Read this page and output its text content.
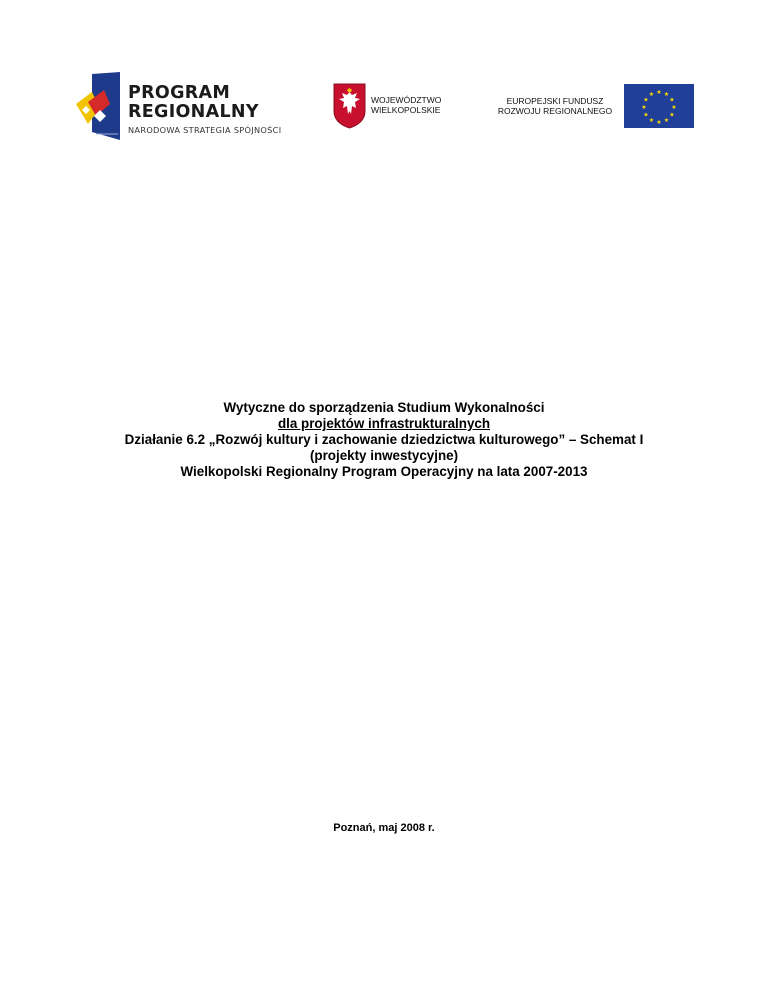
PROGRAM
REGIONALNY
NARODOWA STRATEGIA SPÓJNOŚCI
WOJEWÓDZTWO
WIELKOPOLSKIE
EUROPEJSKI FUNDUSZ
ROZWOJU REGIONALNEGO
★ ★
★
★
★
★
★
★
★
★
★
★
Wytyczne do sporządzenia Studium Wykonalności
dla projektów infrastrukturalnych
Działanie 6.2 „Rozwój kultury i zachowanie dziedzictwa kulturowego” – Schemat I
(projekty inwestycyjne)
Wielkopolski Regionalny Program Operacyjny na lata 2007-2013
Poznań, maj 2008 r.
